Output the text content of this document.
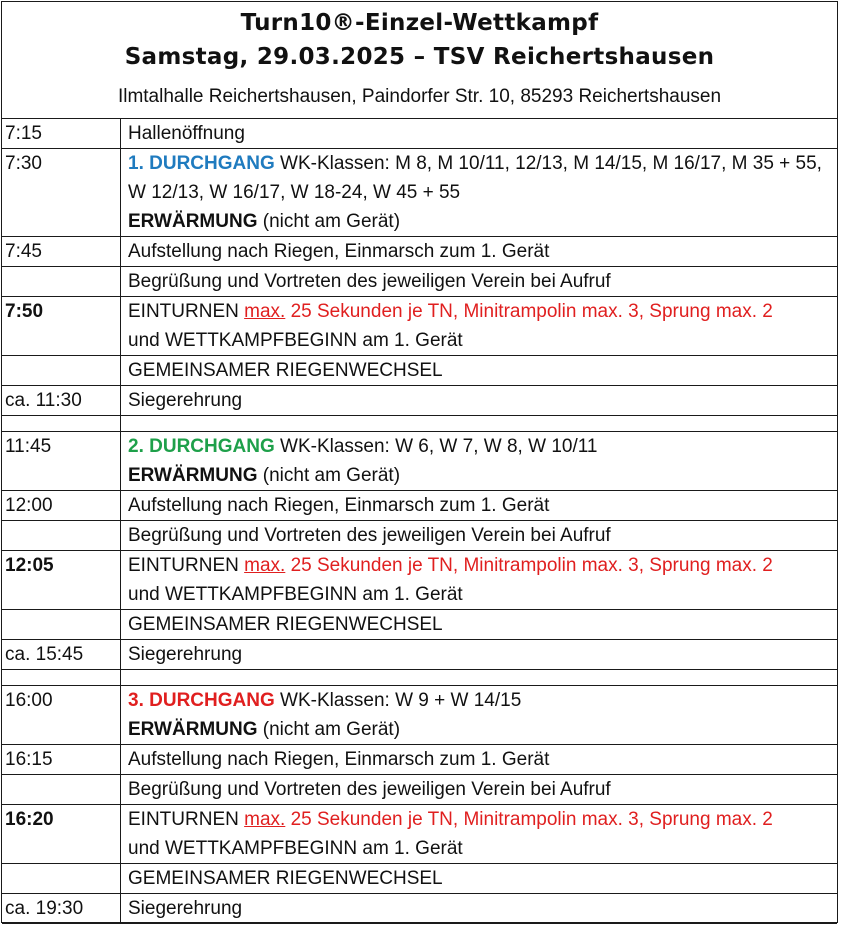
Turn10®-Einzel-Wettkampf
Samstag, 29.03.2025 – TSV Reichertshausen
Ilmtalhalle Reichertshausen, Paindorfer Str. 10, 85293 Reichertshausen
7:15	Hallenöffnung
7:30	1. DURCHGANG WK-Klassen: M 8, M 10/11, 12/13, M 14/15, M 16/17, M 35 + 55, W 12/13, W 16/17, W 18-24, W 45 + 55
ERWÄRMUNG (nicht am Gerät)
7:45	Aufstellung nach Riegen, Einmarsch zum 1. Gerät
	Begrüßung und Vortreten des jeweiligen Verein bei Aufruf
7:50	EINTURNEN max. 25 Sekunden je TN, Minitrampolin max. 3, Sprung max. 2
und WETTKAMPFBEGINN am 1. Gerät
	GEMEINSAMER RIEGENWECHSEL
ca. 11:30	Siegerehrung

11:45	2. DURCHGANG WK-Klassen: W 6, W 7, W 8, W 10/11
ERWÄRMUNG (nicht am Gerät)
12:00	Aufstellung nach Riegen, Einmarsch zum 1. Gerät
	Begrüßung und Vortreten des jeweiligen Verein bei Aufruf
12:05	EINTURNEN max. 25 Sekunden je TN, Minitrampolin max. 3, Sprung max. 2
und WETTKAMPFBEGINN am 1. Gerät
	GEMEINSAMER RIEGENWECHSEL
ca. 15:45	Siegerehrung

16:00	3. DURCHGANG WK-Klassen: W 9 + W 14/15
ERWÄRMUNG (nicht am Gerät)
16:15	Aufstellung nach Riegen, Einmarsch zum 1. Gerät
	Begrüßung und Vortreten des jeweiligen Verein bei Aufruf
16:20	EINTURNEN max. 25 Sekunden je TN, Minitrampolin max. 3, Sprung max. 2
und WETTKAMPFBEGINN am 1. Gerät
	GEMEINSAMER RIEGENWECHSEL
ca. 19:30	Siegerehrung
